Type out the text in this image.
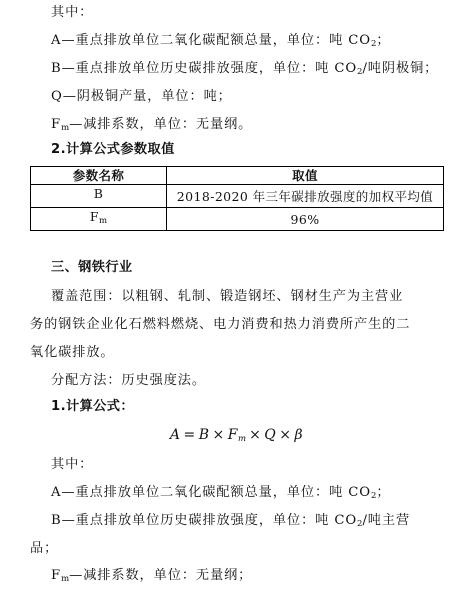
其中：
A—重点排放单位二氧化碳配额总量，单位：吨 $CO_2$；
B—重点排放单位历史碳排放强度，单位：吨 $CO_2/$吨阴极铜；
Q—阴极铜产量，单位：吨；
$F_m—$减排系数，单位：无量纲。
2.计算公式参数取值
参数名称	取值
B	2018-2020 年三年碳排放强度的加权平均值
$F_m$	96%
三、钢铁行业
覆盖范围：以粗钢、轧制、锻造钢坯、钢材生产为主营业
务的钢铁企业化石燃料燃烧、电力消费和热力消费所产生的二
氧化碳排放。
分配方法：历史强度法。
1.计算公式：
$A = B \times F_m \times Q \times \beta$
其中：
A—重点排放单位二氧化碳配额总量，单位：吨 $CO_2$；
B—重点排放单位历史碳排放强度，单位：吨 $CO_2/$吨主营
品；
$F_m—$减排系数，单位：无量纲；
